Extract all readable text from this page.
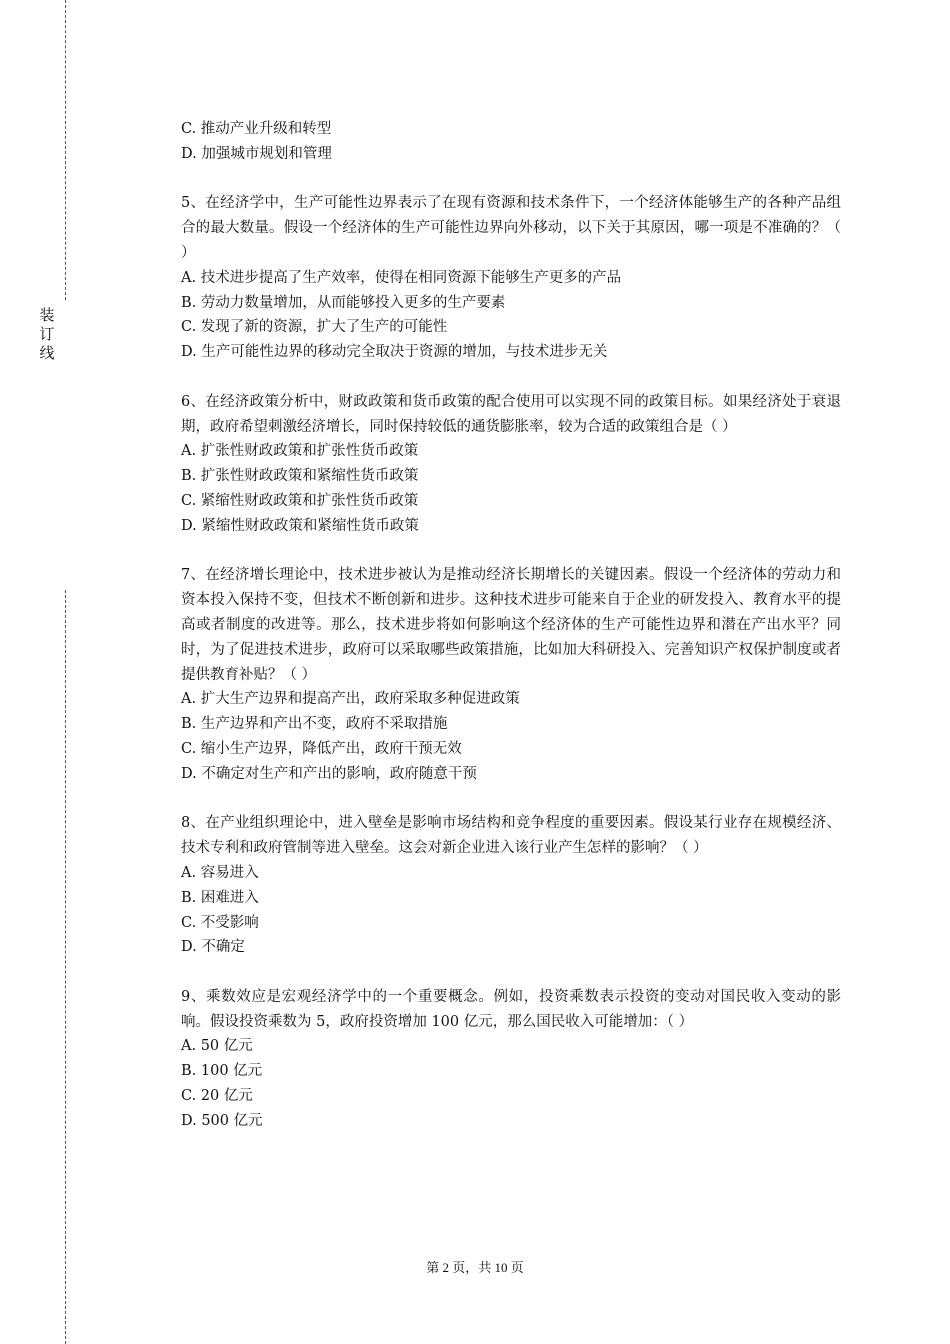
装
订
线

C. 推动产业升级和转型

D. 加强城市规划和管理

5、在经济学中，生产可能性边界表示了在现有资源和技术条件下，一个经济体能够生产的各种产品组合的最大数量。假设一个经济体的生产可能性边界向外移动，以下关于其原因，哪一项是不准确的？（ ）

A. 技术进步提高了生产效率，使得在相同资源下能够生产更多的产品

B. 劳动力数量增加，从而能够投入更多的生产要素

C. 发现了新的资源，扩大了生产的可能性

D. 生产可能性边界的移动完全取决于资源的增加，与技术进步无关

6、在经济政策分析中，财政政策和货币政策的配合使用可以实现不同的政策目标。如果经济处于衰退期，政府希望刺激经济增长，同时保持较低的通货膨胀率，较为合适的政策组合是（ ）

A. 扩张性财政政策和扩张性货币政策

B. 扩张性财政政策和紧缩性货币政策

C. 紧缩性财政政策和扩张性货币政策

D. 紧缩性财政政策和紧缩性货币政策

7、在经济增长理论中，技术进步被认为是推动经济长期增长的关键因素。假设一个经济体的劳动力和资本投入保持不变，但技术不断创新和进步。这种技术进步可能来自于企业的研发投入、教育水平的提高或者制度的改进等。那么，技术进步将如何影响这个经济体的生产可能性边界和潜在产出水平？同时，为了促进技术进步，政府可以采取哪些政策措施，比如加大科研投入、完善知识产权保护制度或者提供教育补贴？（ ）

A. 扩大生产边界和提高产出，政府采取多种促进政策

B. 生产边界和产出不变，政府不采取措施

C. 缩小生产边界，降低产出，政府干预无效

D. 不确定对生产和产出的影响，政府随意干预

8、在产业组织理论中，进入壁垒是影响市场结构和竞争程度的重要因素。假设某行业存在规模经济、技术专利和政府管制等进入壁垒。这会对新企业进入该行业产生怎样的影响？（ ）

A. 容易进入

B. 困难进入

C. 不受影响

D. 不确定

9、乘数效应是宏观经济学中的一个重要概念。例如，投资乘数表示投资的变动对国民收入变动的影响。假设投资乘数为 5，政府投资增加 100 亿元，那么国民收入可能增加：（ ）

A. 50 亿元

B. 100 亿元

C. 20 亿元

D. 500 亿元

第 2 页，共 10 页
